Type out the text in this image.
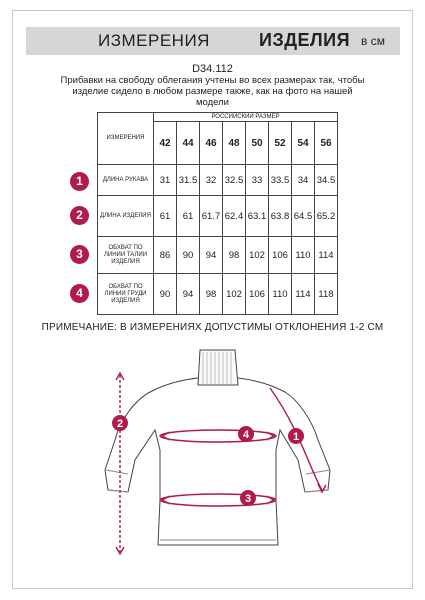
ИЗМЕРЕНИЯ	ИЗДЕЛИЯ в см
D34.112
Прибавки на свободу облегания учтены во всех размерах так, чтобы изделие сидело в любом размере также, как на фото на нашей модели
ИЗМЕРЕНИЯ	РОССИЙСКИЙ РАЗМЕР							
	42	44	46	48	50	52	54	56
ДЛИНА РУКАВА	31	31.5	32	32.5	33	33.5	34	34.5
ДЛИНА ИЗДЕЛИЯ	61	61	61.7	62.4	63.1	63.8	64.5	65.2
ОБХВАТ ПО ЛИНИИ ТАЛИИ ИЗДЕЛИЯ	86	90	94	98	102	106	110	114
ОБХВАТ ПО ЛИНИИ ГРУДИ ИЗДЕЛИЯ	90	94	98	102	106	110	114	118
1
2
3
4
ПРИМЕЧАНИЕ: В ИЗМЕРЕНИЯХ ДОПУСТИМЫ ОТКЛОНЕНИЯ 1-2 СМ
2
1
4
3
